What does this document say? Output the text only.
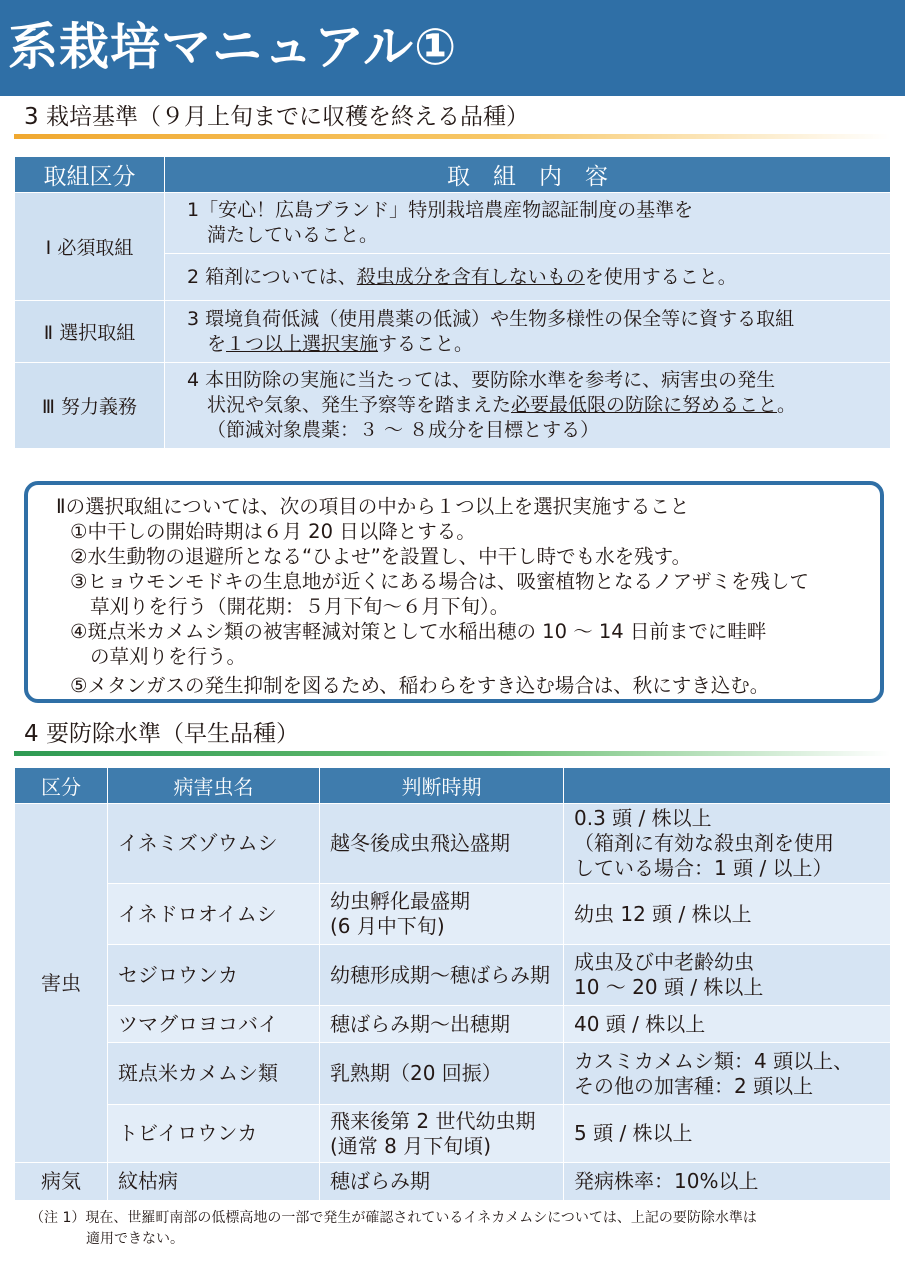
系栽培マニュアル①
3 栽培基準（９月上旬までに収穫を終える品種）
取組区分	取　組　内　容
Ⅰ 必須取組	1「安心！広島ブランド」特別栽培農産物認証制度の基準を
満たしていること。

	2 箱剤については、殺虫成分を含有しないものを使用すること。
Ⅱ 選択取組	3 環境負荷低減（使用農薬の低減）や生物多様性の保全等に資する取組
を１つ以上選択実施すること。

Ⅲ 努力義務	4 本田防除の実施に当たっては、要防除水準を参考に、病害虫の発生
状況や気象、発生予察等を踏まえた必要最低限の防除に努めること。
（節減対象農薬：３ ～ ８成分を目標とする）
Ⅱの選択取組については、次の項目の中から１つ以上を選択実施すること
①中干しの開始時期は６月 20 日以降とする。
②水生動物の退避所となる“ひよせ”を設置し、中干し時でも水を残す。
③ヒョウモンモドキの生息地が近くにある場合は、吸蜜植物となるノアザミを残して
草刈りを行う（開花期：５月下旬～６月下旬）。
④斑点米カメムシ類の被害軽減対策として水稲出穂の 10 ～ 14 日前までに畦畔
の草刈りを行う。
⑤メタンガスの発生抑制を図るため、稲わらをすき込む場合は、秋にすき込む。
4 要防除水準（早生品種）
区分	病害虫名	判断時期	
害虫	イネミズゾウムシ	越冬後成虫飛込盛期	0.3 頭 / 株以上
（箱剤に有効な殺虫剤を使用
している場合：1 頭 / 以上）

	イネドロオイムシ	幼虫孵化最盛期
(6 月中下旬)	幼虫 12 頭 / 株以上

	セジロウンカ	幼穂形成期～穂ばらみ期	成虫及び中老齢幼虫
10 ～ 20 頭 / 株以上

	ツマグロヨコバイ	穂ばらみ期～出穂期	40 頭 / 株以上

	斑点米カメムシ類	乳熟期（20 回振）	カスミカメムシ類：4 頭以上、
その他の加害種：2 頭以上

	トビイロウンカ	飛来後第 2 世代幼虫期
(通常 8 月下旬頃)	5 頭 / 株以上

病気	紋枯病	穂ばらみ期	発病株率：10%以上
（注 1）現在、世羅町南部の低標高地の一部で発生が確認されているイネカメムシについては、上記の要防除水準は
適用できない。
